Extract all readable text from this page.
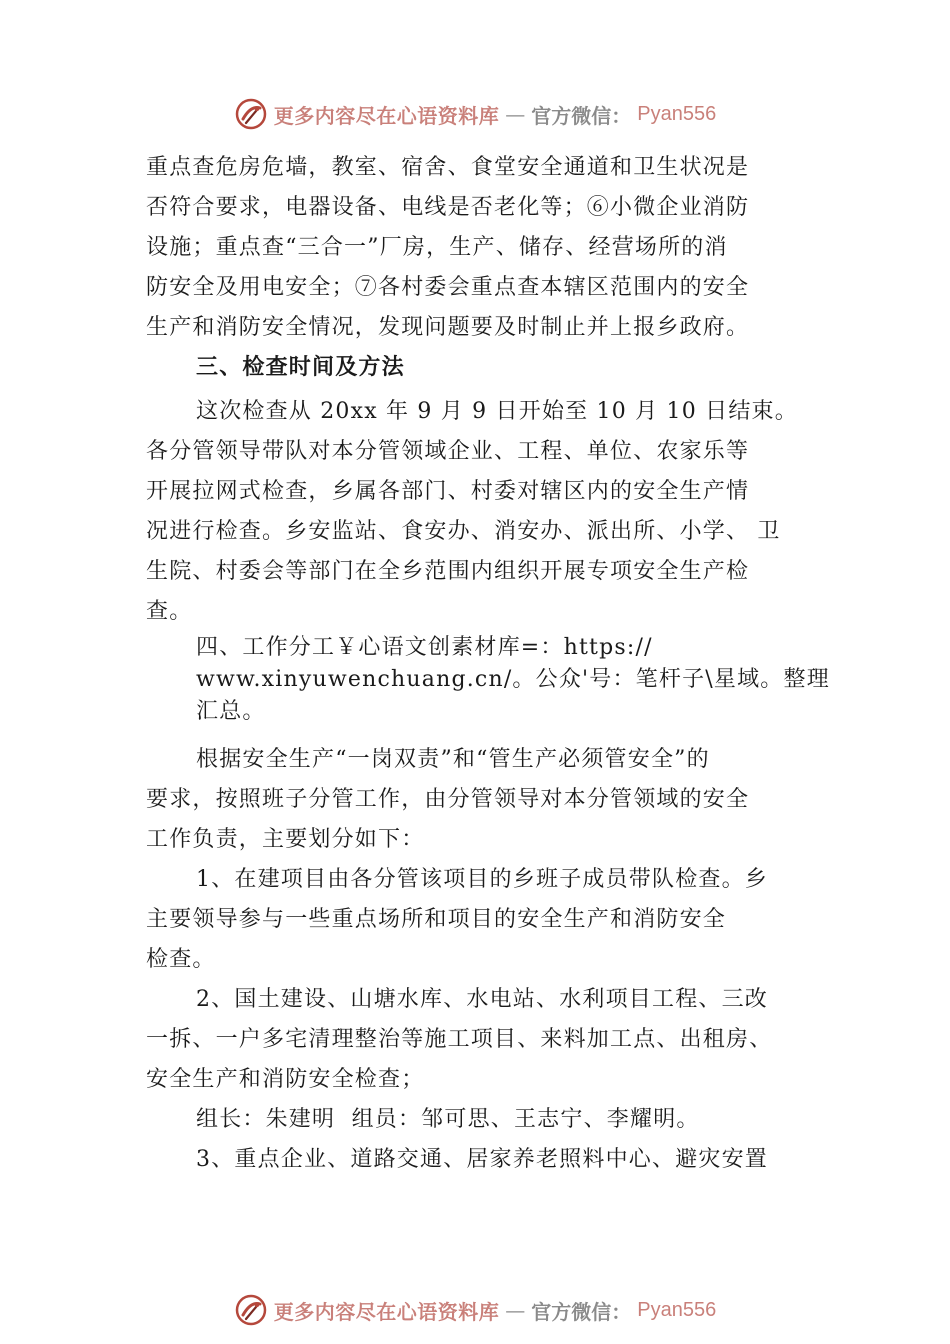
更多内容尽在心语资料库 — 官方微信： Pyan556
重点查危房危墙，教室、宿舍、食堂安全通道和卫生状况是
否符合要求，电器设备、电线是否老化等；⑥小微企业消防
设施；重点查“三合一”厂房，生产、储存、经营场所的消
防安全及用电安全；⑦各村委会重点查本辖区范围内的安全
生产和消防安全情况，发现问题要及时制止并上报乡政府。
三、检查时间及方法
这次检查从 20xx 年 9 月 9 日开始至 10 月 10 日结束。
各分管领导带队对本分管领域企业、工程、单位、农家乐等
开展拉网式检查，乡属各部门、村委对辖区内的安全生产情
况进行检查。乡安监站、食安办、消安办、派出所、小学、 卫
生院、村委会等部门在全乡范围内组织开展专项安全生产检
查。
四、工作分工￥心语文创素材库=：https://
www.xinyuwenchuang.cn/。公众'号：笔杆子\星域。整理
汇总。
根据安全生产“一岗双责”和“管生产必须管安全”的
要求，按照班子分管工作，由分管领导对本分管领域的安全
工作负责，主要划分如下：
1、在建项目由各分管该项目的乡班子成员带队检查。乡
主要领导参与一些重点场所和项目的安全生产和消防安全
检查。
2、国土建设、山塘水库、水电站、水利项目工程、三改
一拆、一户多宅清理整治等施工项目、来料加工点、出租房、
安全生产和消防安全检查；
组长：朱建明  组员：邹可思、王志宁、李耀明。
3、重点企业、道路交通、居家养老照料中心、避灾安置
更多内容尽在心语资料库 — 官方微信： Pyan556
